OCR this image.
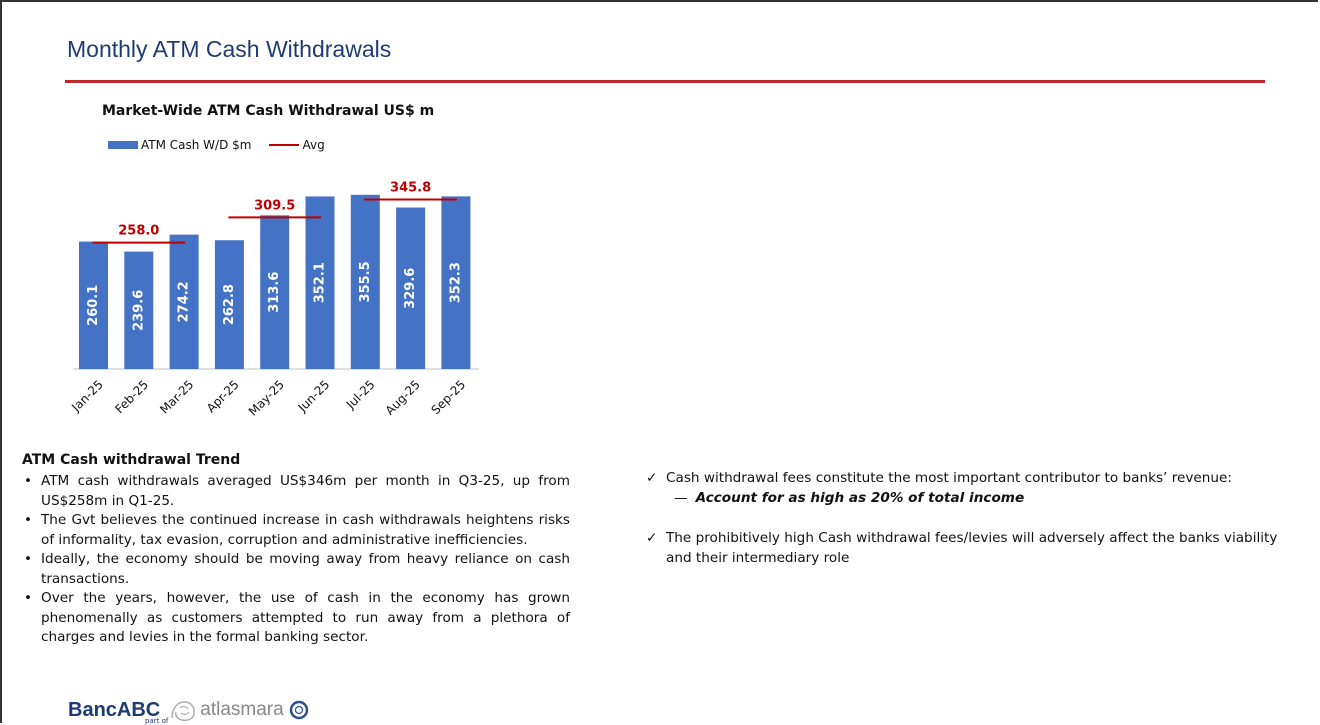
Monthly ATM Cash Withdrawals
Market-Wide ATM Cash Withdrawal US$ m
ATM Cash W/D $m	Avg
260.1
Jan-25
239.6
Feb-25
274.2
Mar-25
262.8
Apr-25
313.6
May-25
352.1
Jun-25
355.5
Jul-25
329.6
Aug-25
352.3
Sep-25
258.0
309.5
345.8
ATM Cash withdrawal Trend
• ATM cash withdrawals averaged US$346m per month in Q3-25, up from US$258m in Q1-25.
• The Gvt believes the continued increase in cash withdrawals heightens risks of informality, tax evasion, corruption and administrative inefficiencies.
• Ideally, the economy should be moving away from heavy reliance on cash transactions.
• Over the years, however, the use of cash in the economy has grown phenomenally as customers attempted to run away from a plethora of charges and levies in the formal banking sector.
✓ Cash withdrawal fees constitute the most important contributor to banks’ revenue:
— Account for as high as 20% of total income
✓ The prohibitively high Cash withdrawal fees/levies will adversely affect the banks viability and their intermediary role
BancABC
part of
atlasmara
